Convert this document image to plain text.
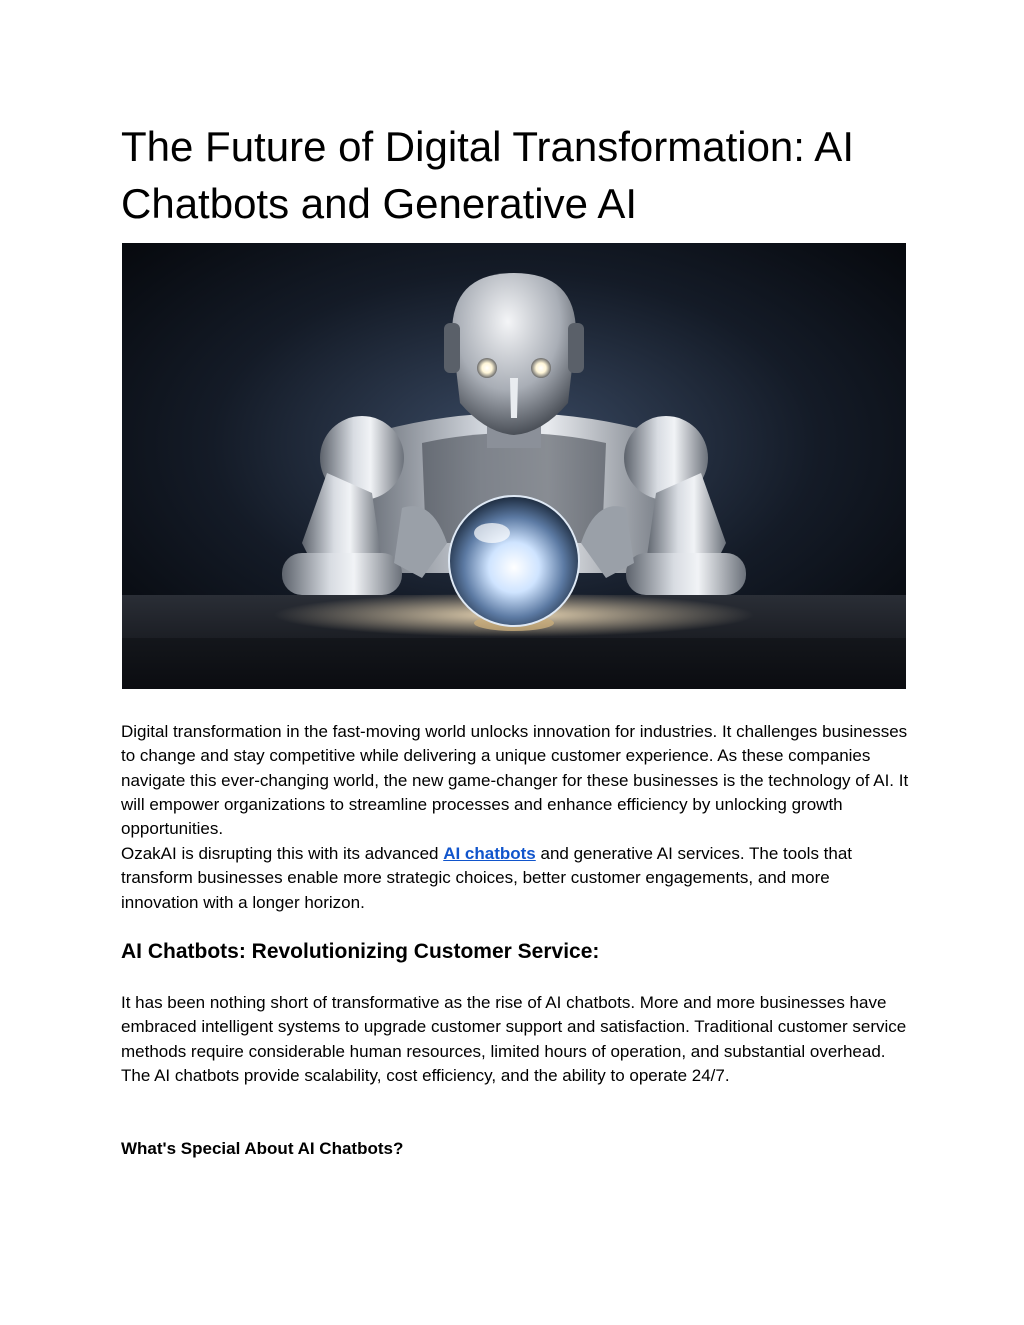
The Future of Digital Transformation: AI Chatbots and Generative AI

Digital transformation in the fast-moving world unlocks innovation for industries. It challenges businesses to change and stay competitive while delivering a unique customer experience. As these companies navigate this ever-changing world, the new game-changer for these businesses is the technology of AI. It will empower organizations to streamline processes and enhance efficiency by unlocking growth opportunities.

OzakAI is disrupting this with its advanced AI chatbots and generative AI services. The tools that transform businesses enable more strategic choices, better customer engagements, and more innovation with a longer horizon.

AI Chatbots: Revolutionizing Customer Service:

It has been nothing short of transformative as the rise of AI chatbots. More and more businesses have embraced intelligent systems to upgrade customer support and satisfaction. Traditional customer service methods require considerable human resources, limited hours of operation, and substantial overhead. The AI chatbots provide scalability, cost efficiency, and the ability to operate 24/7.

What's Special About AI Chatbots?
